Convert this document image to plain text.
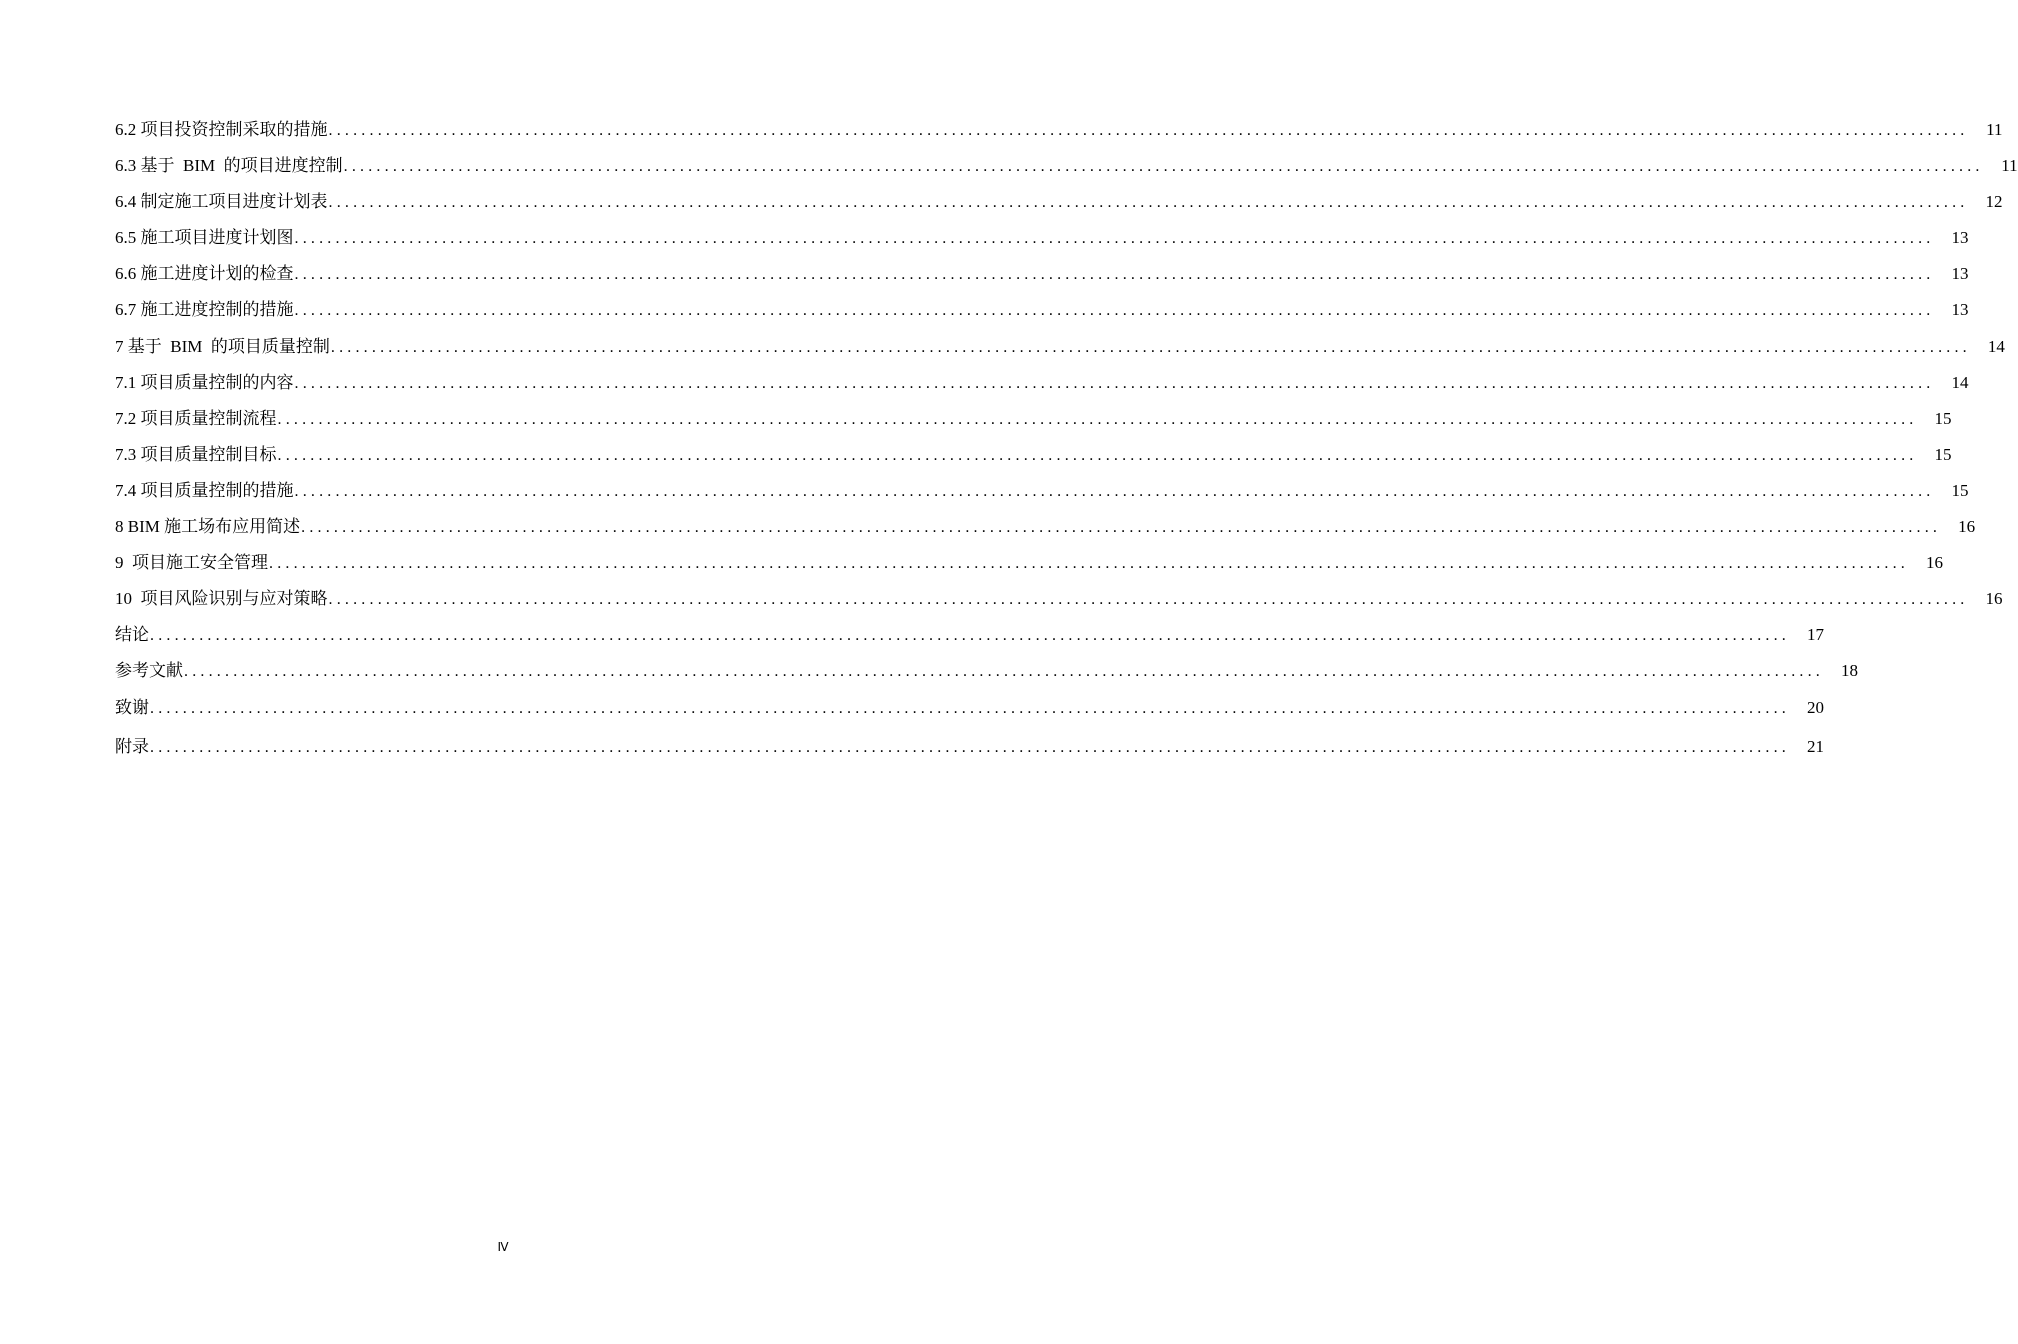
6.2 项目投资控制采取的措施 ........................................................................................................................................................................................................ 11
6.3 基于  BIM  的项目进度控制 ........................................................................................................................................................................................................ 11
6.4 制定施工项目进度计划表 ........................................................................................................................................................................................................ 12
6.5 施工项目进度计划图 ........................................................................................................................................................................................................ 13
6.6 施工进度计划的检查 ........................................................................................................................................................................................................ 13
6.7 施工进度控制的措施 ........................................................................................................................................................................................................ 13
7 基于  BIM  的项目质量控制 ........................................................................................................................................................................................................ 14
7.1 项目质量控制的内容 ........................................................................................................................................................................................................ 14
7.2 项目质量控制流程 ........................................................................................................................................................................................................ 15
7.3 项目质量控制目标 ........................................................................................................................................................................................................ 15
7.4 项目质量控制的措施 ........................................................................................................................................................................................................ 15
8 BIM 施工场布应用简述 ........................................................................................................................................................................................................ 16
9  项目施工安全管理 ........................................................................................................................................................................................................ 16
10  项目风险识别与应对策略 ........................................................................................................................................................................................................ 16
结论 ........................................................................................................................................................................................................ 17
参考文献 ........................................................................................................................................................................................................ 18
致谢 ........................................................................................................................................................................................................ 20
附录 ........................................................................................................................................................................................................ 21
Ⅳ
